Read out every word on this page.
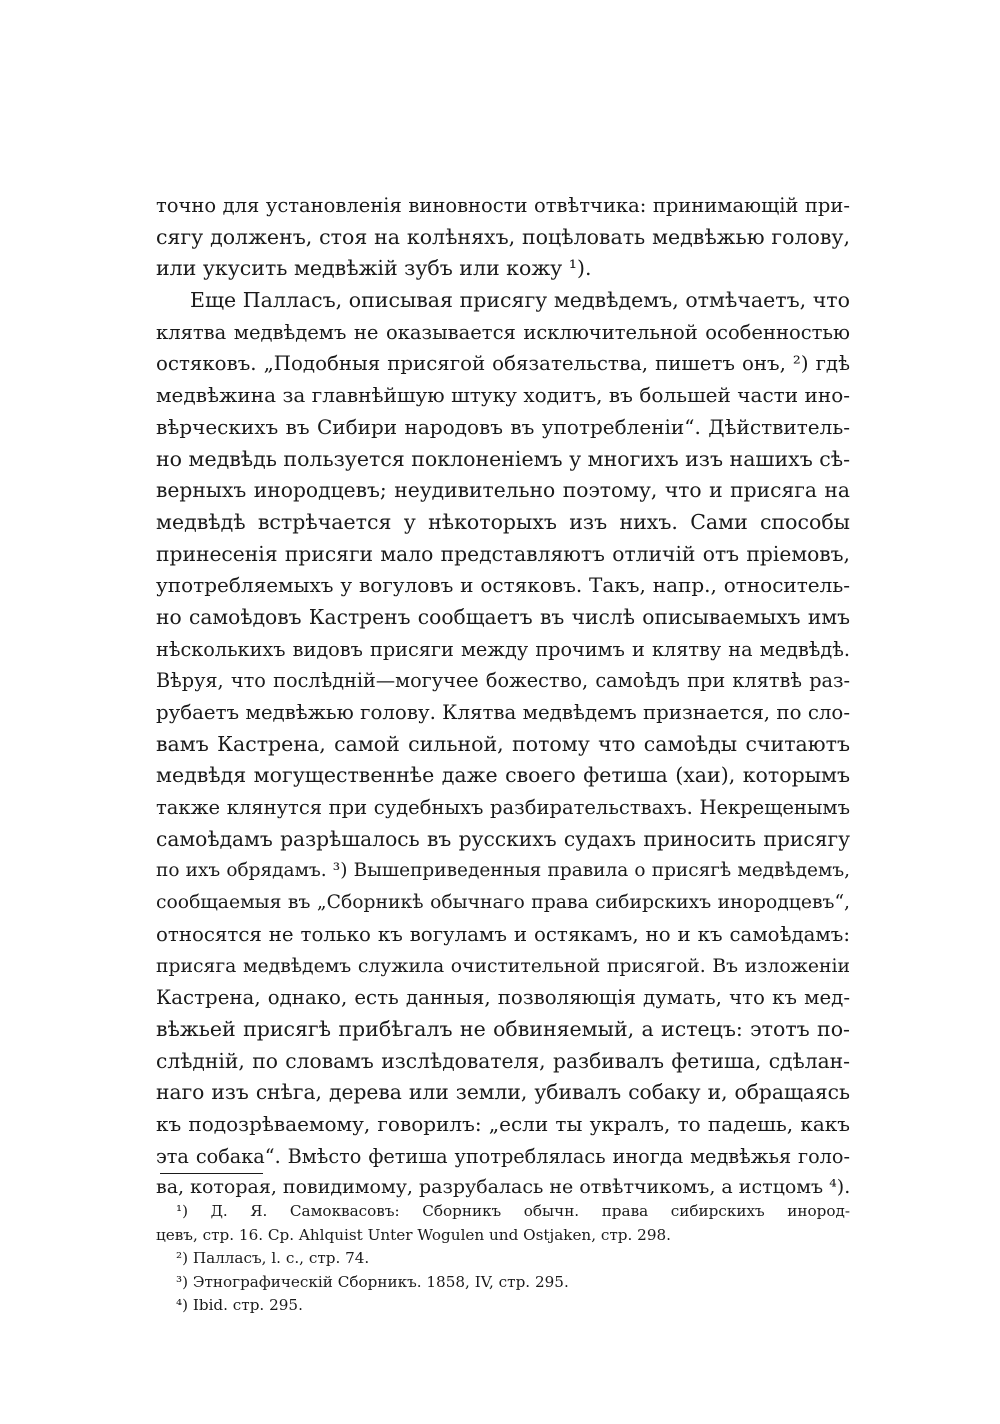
точно для установленія виновности отвѣтчика: принимающій при-
сягу долженъ, стоя на колѣняхъ, поцѣловать медвѣжью голову,
или укусить медвѣжій зубъ или кожу ¹).
Еще Палласъ, описывая присягу медвѣдемъ, отмѣчаетъ, что
клятва медвѣдемъ не оказывается исключительной особенностью
остяковъ. „Подобныя присягой обязательства, пишетъ онъ, ²) гдѣ
медвѣжина за главнѣйшую штуку ходитъ, въ большей части ино-
вѣрческихъ въ Сибири народовъ въ употребленіи“. Дѣйствитель-
но медвѣдь пользуется поклоненіемъ у многихъ изъ нашихъ сѣ-
верныхъ инородцевъ; неудивительно поэтому, что и присяга на
медвѣдѣ встрѣчается у нѣкоторыхъ изъ нихъ. Сами способы
принесенія присяги мало представляютъ отличій отъ пріемовъ,
употребляемыхъ у вогуловъ и остяковъ. Такъ, напр., относитель-
но самоѣдовъ Кастренъ сообщаетъ въ числѣ описываемыхъ имъ
нѣсколькихъ видовъ присяги между прочимъ и клятву на медвѣдѣ.
Вѣруя, что послѣдній—могучее божество, самоѣдъ при клятвѣ раз-
рубаетъ медвѣжью голову. Клятва медвѣдемъ признается, по сло-
вамъ Кастрена, самой сильной, потому что самоѣды считаютъ
медвѣдя могущественнѣе даже своего фетиша (хаи), которымъ
также клянутся при судебныхъ разбирательствахъ. Некрещенымъ
самоѣдамъ разрѣшалось въ русскихъ судахъ приносить присягу
по ихъ обрядамъ. ³) Вышеприведенныя правила о присягѣ медвѣдемъ,
сообщаемыя въ „Сборникѣ обычнаго права сибирскихъ инородцевъ“,
относятся не только къ вогуламъ и остякамъ, но и къ самоѣдамъ:
присяга медвѣдемъ служила очистительной присягой. Въ изложеніи
Кастрена, однако, есть данныя, позволяющія думать, что къ мед-
вѣжьей присягѣ прибѣгалъ не обвиняемый, а истецъ: этотъ по-
слѣдній, по словамъ изслѣдователя, разбивалъ фетиша, сдѣлан-
наго изъ снѣга, дерева или земли, убивалъ собаку и, обращаясь
къ подозрѣваемому, говорилъ: „если ты укралъ, то падешь, какъ
эта собака“. Вмѣсто фетиша употреблялась иногда медвѣжья голо-
ва, которая, повидимому, разрубалась не отвѣтчикомъ, а истцомъ ⁴).
¹) Д. Я. Самоквасовъ: Сборникъ обычн. права сибирскихъ инород-
цевъ, стр. 16. Ср. Ahlquist Unter Wogulen und Ostjaken, стр. 298.
²) Палласъ, l. с., стр. 74.
³) Этнографическій Сборникъ. 1858, IV, стр. 295.
⁴) Ibid. стр. 295.
